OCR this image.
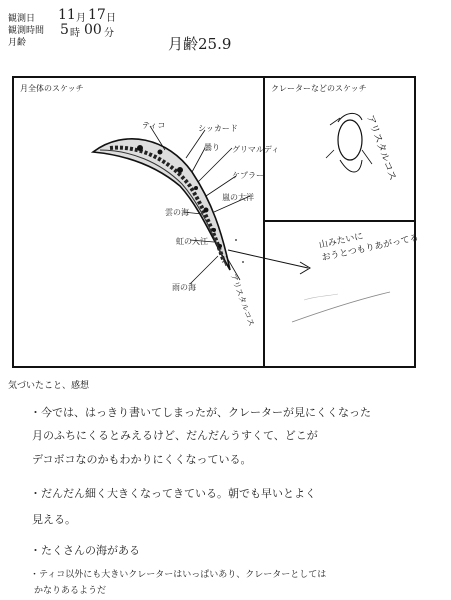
観測日
観測時間
月齢
11 月 17 日
5 時 00 分
月齢25.9
月全体のスケッチ	クレーターなどのスケッチ
ティコ	シッカード
曇り グリマルディ
ケプラー
雲の海
嵐の大洋
虹の入江
アリスタルコス
雨の海
アリスタルコス
山みたいに
おうとつもりあがってる
気づいたこと、感想
・今では、はっきり書いてしまったが、クレーターが見にくくなった
月のふちにくるとみえるけど、だんだんうすくて、どこが
デコボコなのかもわかりにくくなっている。
・だんだん細く大きくなってきている。朝でも早いとよく
見える。
・たくさんの海がある
・ティコ以外にも大きいクレーターはいっぱいあり、クレーターとしては
かなりあるようだ
